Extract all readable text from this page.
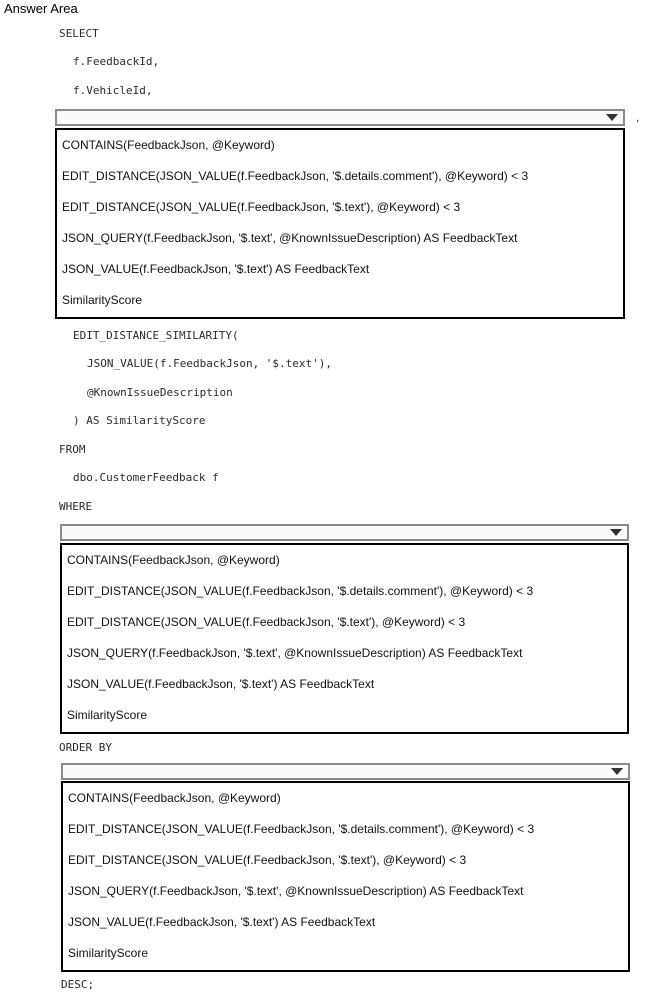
Answer Area
SELECT
f.FeedbackId,
f.VehicleId,
,
CONTAINS(FeedbackJson, @Keyword)
EDIT_DISTANCE(JSON_VALUE(f.FeedbackJson, '$.details.comment'), @Keyword) < 3
EDIT_DISTANCE(JSON_VALUE(f.FeedbackJson, '$.text'), @Keyword) < 3
JSON_QUERY(f.FeedbackJson, '$.text', @KnownIssueDescription) AS FeedbackText
JSON_VALUE(f.FeedbackJson, '$.text') AS FeedbackText
SimilarityScore
EDIT_DISTANCE_SIMILARITY(
JSON_VALUE(f.FeedbackJson, '$.text'),
@KnownIssueDescription
) AS SimilarityScore
FROM
dbo.CustomerFeedback f
WHERE
CONTAINS(FeedbackJson, @Keyword)
EDIT_DISTANCE(JSON_VALUE(f.FeedbackJson, '$.details.comment'), @Keyword) < 3
EDIT_DISTANCE(JSON_VALUE(f.FeedbackJson, '$.text'), @Keyword) < 3
JSON_QUERY(f.FeedbackJson, '$.text', @KnownIssueDescription) AS FeedbackText
JSON_VALUE(f.FeedbackJson, '$.text') AS FeedbackText
SimilarityScore
ORDER BY
CONTAINS(FeedbackJson, @Keyword)
EDIT_DISTANCE(JSON_VALUE(f.FeedbackJson, '$.details.comment'), @Keyword) < 3
EDIT_DISTANCE(JSON_VALUE(f.FeedbackJson, '$.text'), @Keyword) < 3
JSON_QUERY(f.FeedbackJson, '$.text', @KnownIssueDescription) AS FeedbackText
JSON_VALUE(f.FeedbackJson, '$.text') AS FeedbackText
SimilarityScore
DESC;
